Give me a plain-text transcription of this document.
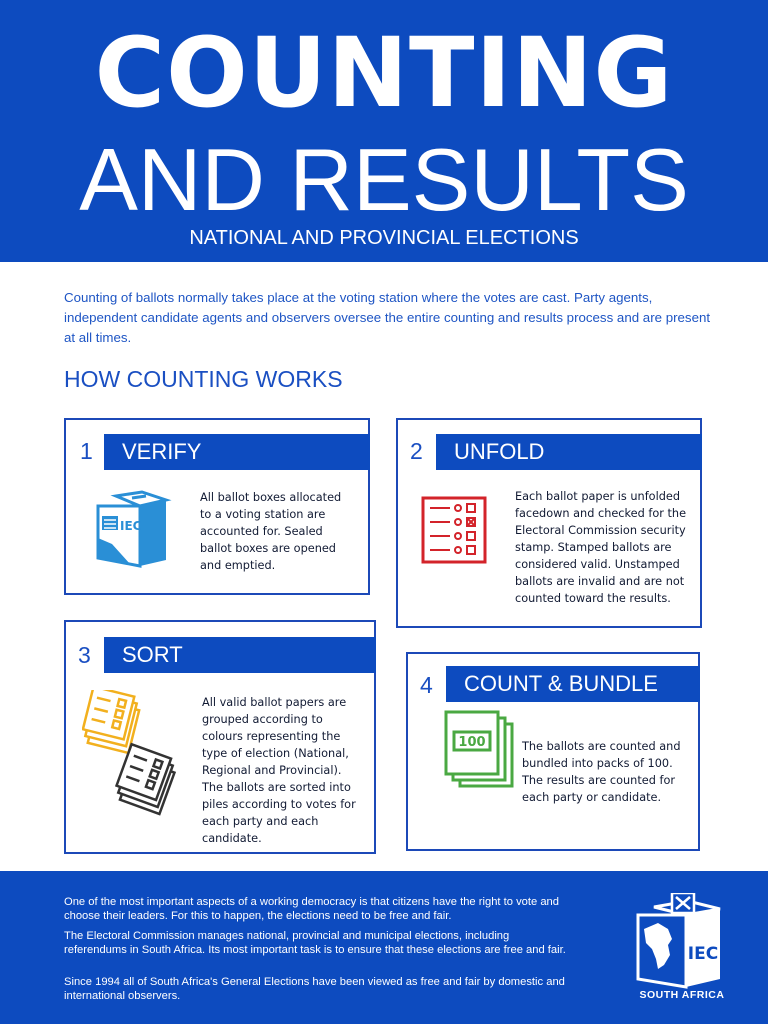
COUNTING
AND RESULTS
NATIONAL AND PROVINCIAL ELECTIONS
Counting of ballots normally takes place at the voting station where the votes are cast. Party agents, independent candidate agents and observers oversee the entire counting and results process and are present at all times.
HOW COUNTING WORKS
1	VERIFY
IEC
All ballot boxes allocated to a voting station are accounted for. Sealed ballot boxes are opened and emptied.
2	UNFOLD
Each ballot paper is unfolded facedown and checked for the Electoral Commission security stamp. Stamped ballots are considered valid. Unstamped ballots are invalid and are not counted toward the results.
3	SORT
All valid ballot papers are grouped according to colours representing the type of election (National, Regional and Provincial). The ballots are sorted into piles according to votes for each party and each candidate.
4	COUNT & BUNDLE
100	The ballots are counted and bundled into packs of 100. The results are counted for each party or candidate.

One of the most important aspects of a working democracy is that citizens have the right to vote and choose their leaders. For this to happen, the elections need to be free and fair.

The Electoral Commission manages national, provincial and municipal elections, including referendums in South Africa. Its most important task is to ensure that these elections are free and fair.

Since 1994 all of South Africa's General Elections have been viewed as free and fair by domestic and international observers.

IEC
SOUTH AFRICA
